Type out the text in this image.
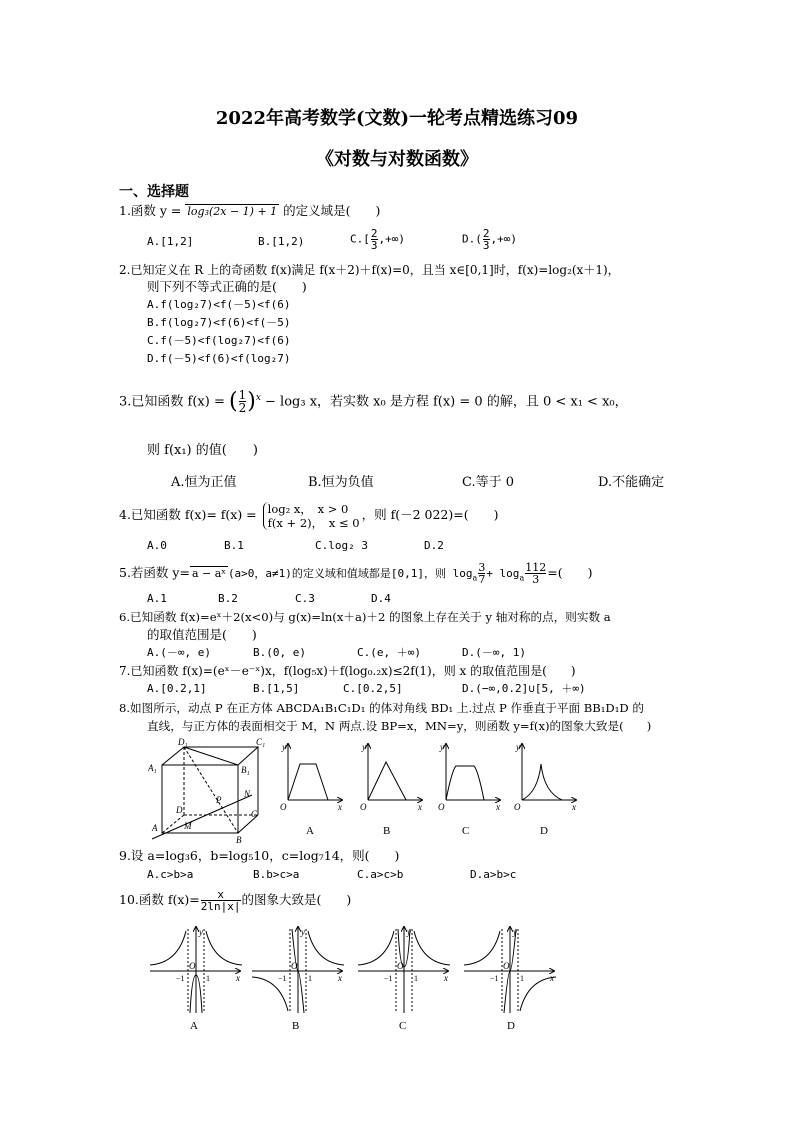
2022年高考数学(文数)一轮考点精选练习09
《对数与对数函数》
一、选择题
1.函数 y = log₃(2x − 1) + 1 的定义域是(　　)
A.[1,2]	B.[1,2)	$C.[ \frac{2}{3}$ ,+∞)	$D.( \frac{2}{3}$ ,+∞)
2.已知定义在 R 上的奇函数 f(x)满足 f(x＋2)＋f(x)=0，且当 x∈[0,1]时，f(x)=log₂(x＋1)，
则下列不等式正确的是(　　)
A.f(log₂7)<f(－5)<f(6)
B.f(log₂7)<f(6)<f(－5)
C.f(－5)<f(log₂7)<f(6)
D.f(－5)<f(6)<f(log₂7)
3.已知函数 f(x) = ( $\frac{1}{2} )^x - \log_3$ x，若实数 x₀ 是方程 f(x) = 0 的解，且 0 < x₁ < x₀，
则 f(x₁) 的值(　　)
A.恒为正值	B.恒为负值	C.等于 0	D.不能确定
4.已知函数 f(x)= f(x) = log₂ x，　x > 0
f(x + 2)，　x ≤ 0
，则 f(－2 022)=(　　)
A.0	B.1	C.log₂ 3	D.2
5.若函数 y= a − aˣ (a>0，a≠1)的定义域和值域都是[0,1]，则 $\log_a \frac{3}{7} + \log_a \frac{112}{3}$ =(　　)
A.1	B.2	C.3	D.4
6.已知函数 f(x)=eˣ＋2(x<0)与 g(x)=ln(x＋a)＋2 的图象上存在关于 y 轴对称的点，则实数 a
的取值范围是(　　)
A.(－∞, e)	B.(0, e)	C.(e, ＋∞)	D.(－∞, 1)
7.已知函数 f(x)=(eˣ－e⁻ˣ)x，f(log₅x)＋f(log₀.₂x)≤2f(1)，则 x 的取值范围是(　　)
A.[0.2,1]	B.[1,5]	C.[0.2,5]	D.(−∞,0.2]∪[5, ＋∞)
8.如图所示，动点 P 在正方体 ABCDA₁B₁C₁D₁ 的体对角线 BD₁ 上.过点 P 作垂直于平面 BB₁D₁D 的
直线，与正方体的表面相交于 M，N 两点.设 BP=x，MN=y，则函数 y=f(x)的图象大致是(　　)
D₁	C₁
A₁	B₁
P
N
D	C
M
A
B
y
x
O
y
x
O
y
x
O
y
x
O
A	B	C	D
9.设 a=log₃6，b=log₅10，c=log₇14，则(　　)
A.c>b>a	B.b>c>a	C.a>c>b	D.a>b>c
10.函数 $f(x)= \frac{x}{2\ln|x|}$ 的图象大致是(　　)
y
x
O
−1	1
y
x
O
−1	1
y
x
O
−1	1
y
x
O
−1	1
A	B	C	D
